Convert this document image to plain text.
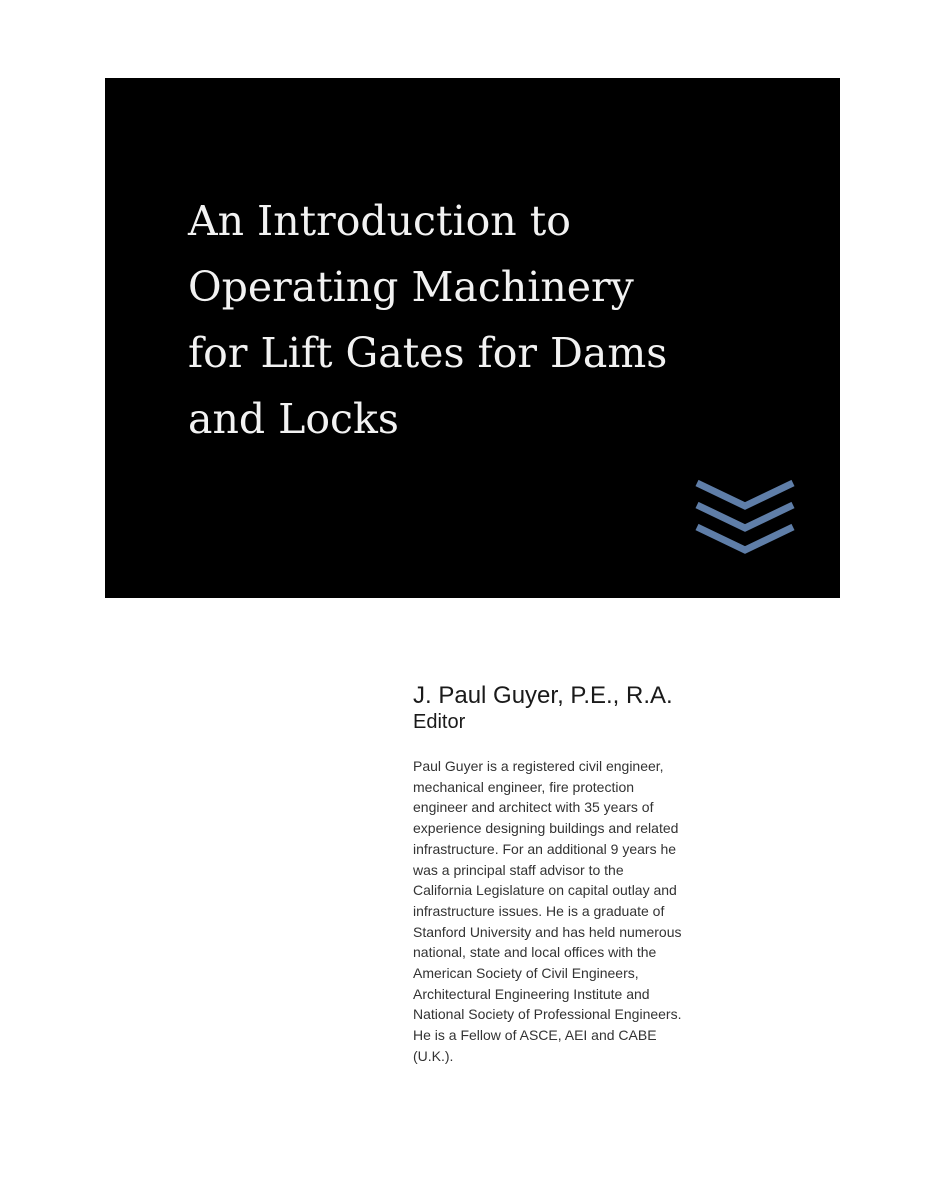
An Introduction to
Operating Machinery
for Lift Gates for Dams
and Locks

J. Paul Guyer, P.E., R.A.

Editor

Paul Guyer is a registered civil engineer,
mechanical engineer, fire protection
engineer and architect with 35 years of
experience designing buildings and related
infrastructure. For an additional 9 years he
was a principal staff advisor to the
California Legislature on capital outlay and
infrastructure issues. He is a graduate of
Stanford University and has held numerous
national, state and local offices with the
American Society of Civil Engineers,
Architectural Engineering Institute and
National Society of Professional Engineers.
He is a Fellow of ASCE, AEI and CABE
(U.K.).
